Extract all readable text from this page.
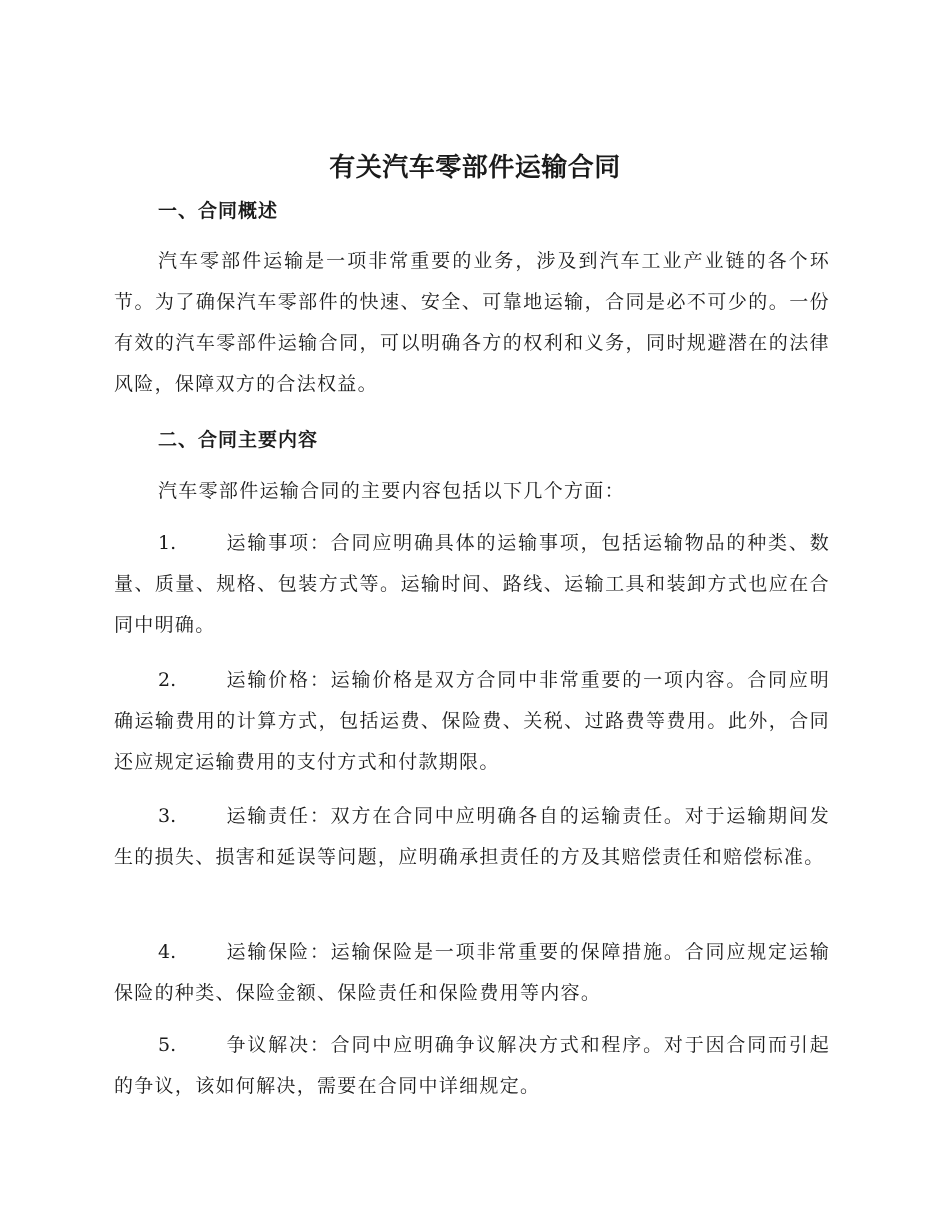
有关汽车零部件运输合同
一、合同概述

汽车零部件运输是一项非常重要的业务，涉及到汽车工业产业链的各个环节。为了确保汽车零部件的快速、安全、可靠地运输，合同是必不可少的。一份有效的汽车零部件运输合同，可以明确各方的权利和义务，同时规避潜在的法律风险，保障双方的合法权益。

二、合同主要内容

汽车零部件运输合同的主要内容包括以下几个方面：

1.	运输事项：合同应明确具体的运输事项，包括运输物品的种类、数量、质量、规格、包装方式等。运输时间、路线、运输工具和装卸方式也应在合同中明确。

2.	运输价格：运输价格是双方合同中非常重要的一项内容。合同应明确运输费用的计算方式，包括运费、保险费、关税、过路费等费用。此外，合同还应规定运输费用的支付方式和付款期限。

3.	运输责任：双方在合同中应明确各自的运输责任。对于运输期间发生的损失、损害和延误等问题，应明确承担责任的方及其赔偿责任和赔偿标准。

4.	运输保险：运输保险是一项非常重要的保障措施。合同应规定运输保险的种类、保险金额、保险责任和保险费用等内容。

5.	争议解决：合同中应明确争议解决方式和程序。对于因合同而引起的争议，该如何解决，需要在合同中详细规定。
